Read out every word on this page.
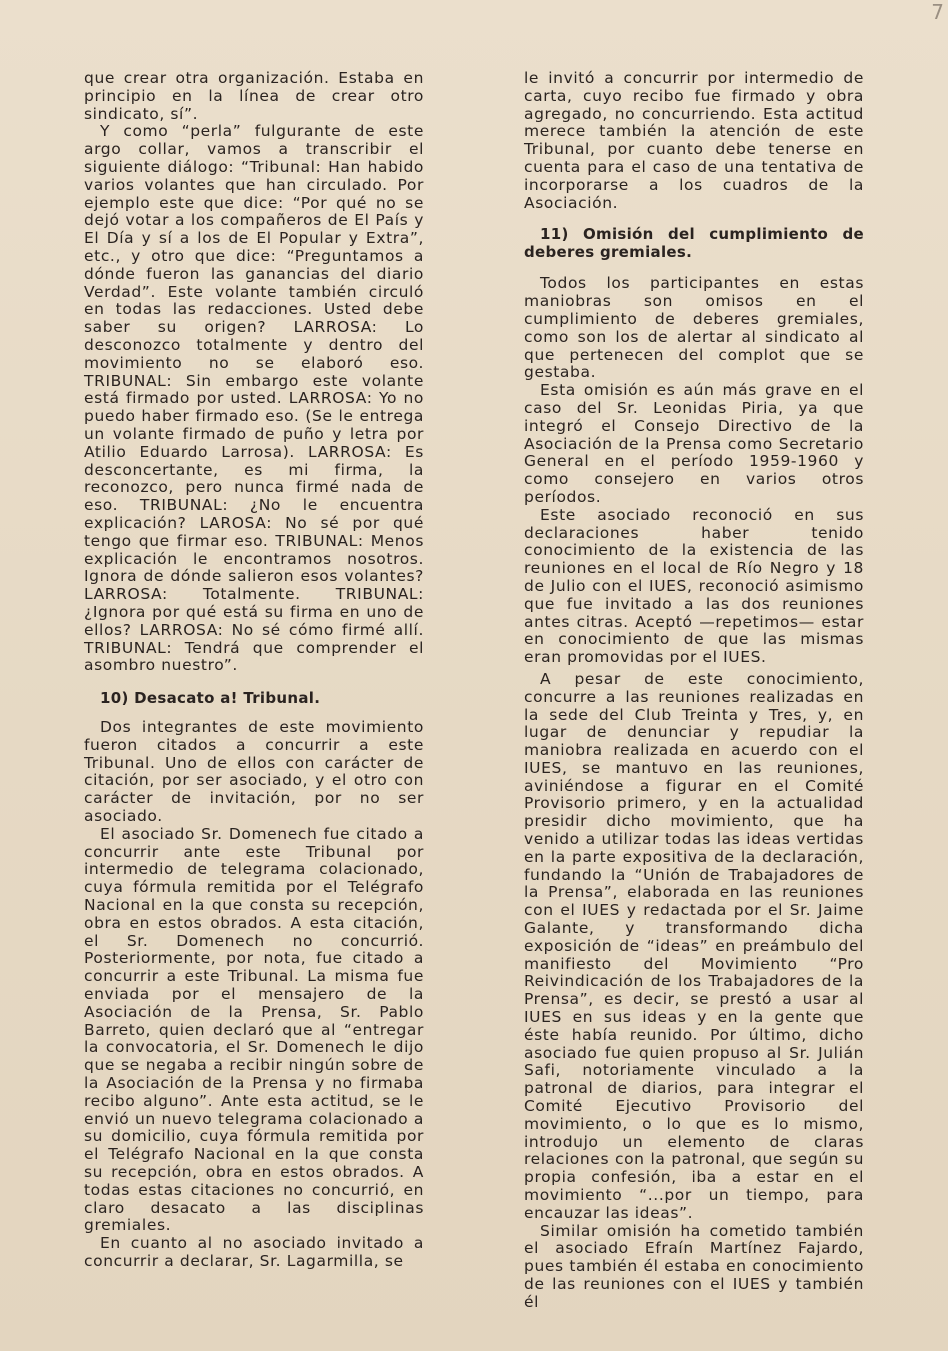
7

que crear otra organización. Estaba en principio en la línea de crear otro sindicato, sí”.

Y como “perla” fulgurante de este argo collar, vamos a transcribir el siguiente diálogo: “Tribunal: Han habido varios volantes que han circulado. Por ejemplo este que dice: “Por qué no se dejó votar a los compañeros de El País y El Día y sí a los de El Popular y Extra”, etc., y otro que dice: “Preguntamos a dónde fueron las ganancias del diario Verdad”. Este volante también circuló en todas las redacciones. Usted debe saber su origen? LARROSA: Lo desconozco totalmente y dentro del movimiento no se elaboró eso. TRIBUNAL: Sin embargo este volante está firmado por usted. LARROSA: Yo no puedo haber firmado eso. (Se le entrega un volante firmado de puño y letra por Atilio Eduardo Larrosa). LARROSA: Es desconcertante, es mi firma, la reconozco, pero nunca firmé nada de eso. TRIBUNAL: ¿No le encuentra explicación? LAROSA: No sé por qué tengo que firmar eso. TRIBUNAL: Menos explicación le encontramos nosotros. Ignora de dónde salieron esos volantes? LARROSA: Totalmente. TRIBUNAL: ¿Ignora por qué está su firma en uno de ellos? LARROSA: No sé cómo firmé allí. TRIBUNAL: Tendrá que comprender el asombro nuestro”.

10) Desacato a! Tribunal.

Dos integrantes de este movimiento fueron citados a concurrir a este Tribunal. Uno de ellos con carácter de citación, por ser asociado, y el otro con carácter de invitación, por no ser asociado.

El asociado Sr. Domenech fue citado a concurrir ante este Tribunal por intermedio de telegrama colacionado, cuya fórmula remitida por el Telégrafo Nacional en la que consta su recepción, obra en estos obrados. A esta citación, el Sr. Domenech no concurrió. Posteriormente, por nota, fue citado a concurrir a este Tribunal. La misma fue enviada por el mensajero de la Asociación de la Prensa, Sr. Pablo Barreto, quien declaró que al “entregar la convocatoria, el Sr. Domenech le dijo que se negaba a recibir ningún sobre de la Asociación de la Prensa y no firmaba recibo alguno”. Ante esta actitud, se le envió un nuevo telegrama colacionado a su domicilio, cuya fórmula remitida por el Telégrafo Nacional en la que consta su recepción, obra en estos obrados. A todas estas citaciones no concurrió, en claro desacato a las disciplinas gremiales.

En cuanto al no asociado invitado a concurrir a declarar, Sr. Lagarmilla, se

le invitó a concurrir por intermedio de carta, cuyo recibo fue firmado y obra agregado, no concurriendo. Esta actitud merece también la atención de este Tribunal, por cuanto debe tenerse en cuenta para el caso de una tentativa de incorporarse a los cuadros de la Asociación.

11) Omisión del cumplimiento de deberes gremiales.

Todos los participantes en estas maniobras son omisos en el cumplimiento de deberes gremiales, como son los de alertar al sindicato al que pertenecen del complot que se gestaba.

Esta omisión es aún más grave en el caso del Sr. Leonidas Piria, ya que integró el Consejo Directivo de la Asociación de la Prensa como Secretario General en el período 1959-1960 y como consejero en varios otros períodos.

Este asociado reconoció en sus declaraciones haber tenido conocimiento de la existencia de las reuniones en el local de Río Negro y 18 de Julio con el IUES, reconoció asimismo que fue invitado a las dos reuniones antes citras. Aceptó —repetimos— estar en conocimiento de que las mismas eran promovidas por el IUES.

A pesar de este conocimiento, concurre a las reuniones realizadas en la sede del Club Treinta y Tres, y, en lugar de denunciar y repudiar la maniobra realizada en acuerdo con el IUES, se mantuvo en las reuniones, aviniéndose a figurar en el Comité Provisorio primero, y en la actualidad presidir dicho movimiento, que ha venido a utilizar todas las ideas vertidas en la parte expositiva de la declaración, fundando la “Unión de Trabajadores de la Prensa”, elaborada en las reuniones con el IUES y redactada por el Sr. Jaime Galante, y transformando dicha exposición de “ideas” en preámbulo del manifiesto del Movimiento “Pro Reivindicación de los Trabajadores de la Prensa”, es decir, se prestó a usar al IUES en sus ideas y en la gente que éste había reunido. Por último, dicho asociado fue quien propuso al Sr. Julián Safi, notoriamente vinculado a la patronal de diarios, para integrar el Comité Ejecutivo Provisorio del movimiento, o lo que es lo mismo, introdujo un elemento de claras relaciones con la patronal, que según su propia confesión, iba a estar en el movimiento “...por un tiempo, para encauzar las ideas”.

Similar omisión ha cometido también el asociado Efraín Martínez Fajardo, pues también él estaba en conocimiento de las reuniones con el IUES y también él
